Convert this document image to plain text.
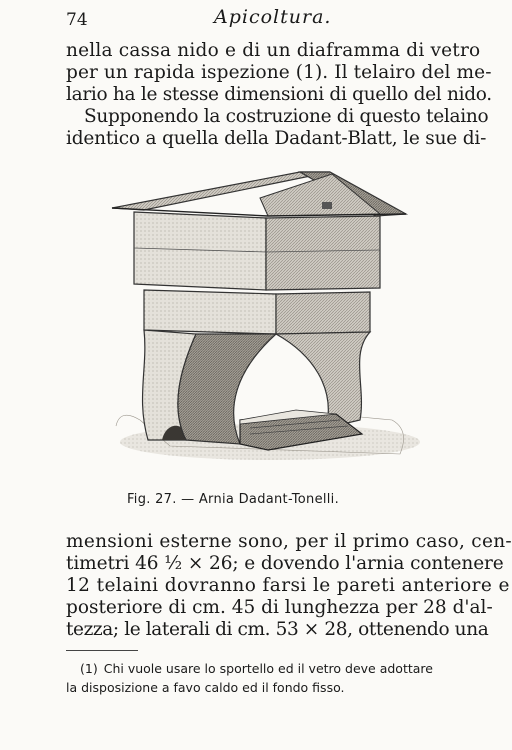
74	Apicoltura.
nella cassa nido e di un diaframma di vetro
per un rapida ispezione (1). Il telairo del me-
lario ha le stesse dimensioni di quello del nido.
Supponendo la costruzione di questo telaino
identico a quella della Dadant-Blatt, le sue di-
Fig. 27. — Arnia Dadant-Tonelli.
mensioni esterne sono, per il primo caso, cen-
timetri 46 ½ × 26; e dovendo l'arnia contenere
12 telaini dovranno farsi le pareti anteriore e
posteriore di cm. 45 di lunghezza per 28 d'al-
tezza; le laterali di cm. 53 × 28, ottenendo una
(1) Chi vuole usare lo sportello ed il vetro deve adottare
la disposizione a favo caldo ed il fondo fisso.
